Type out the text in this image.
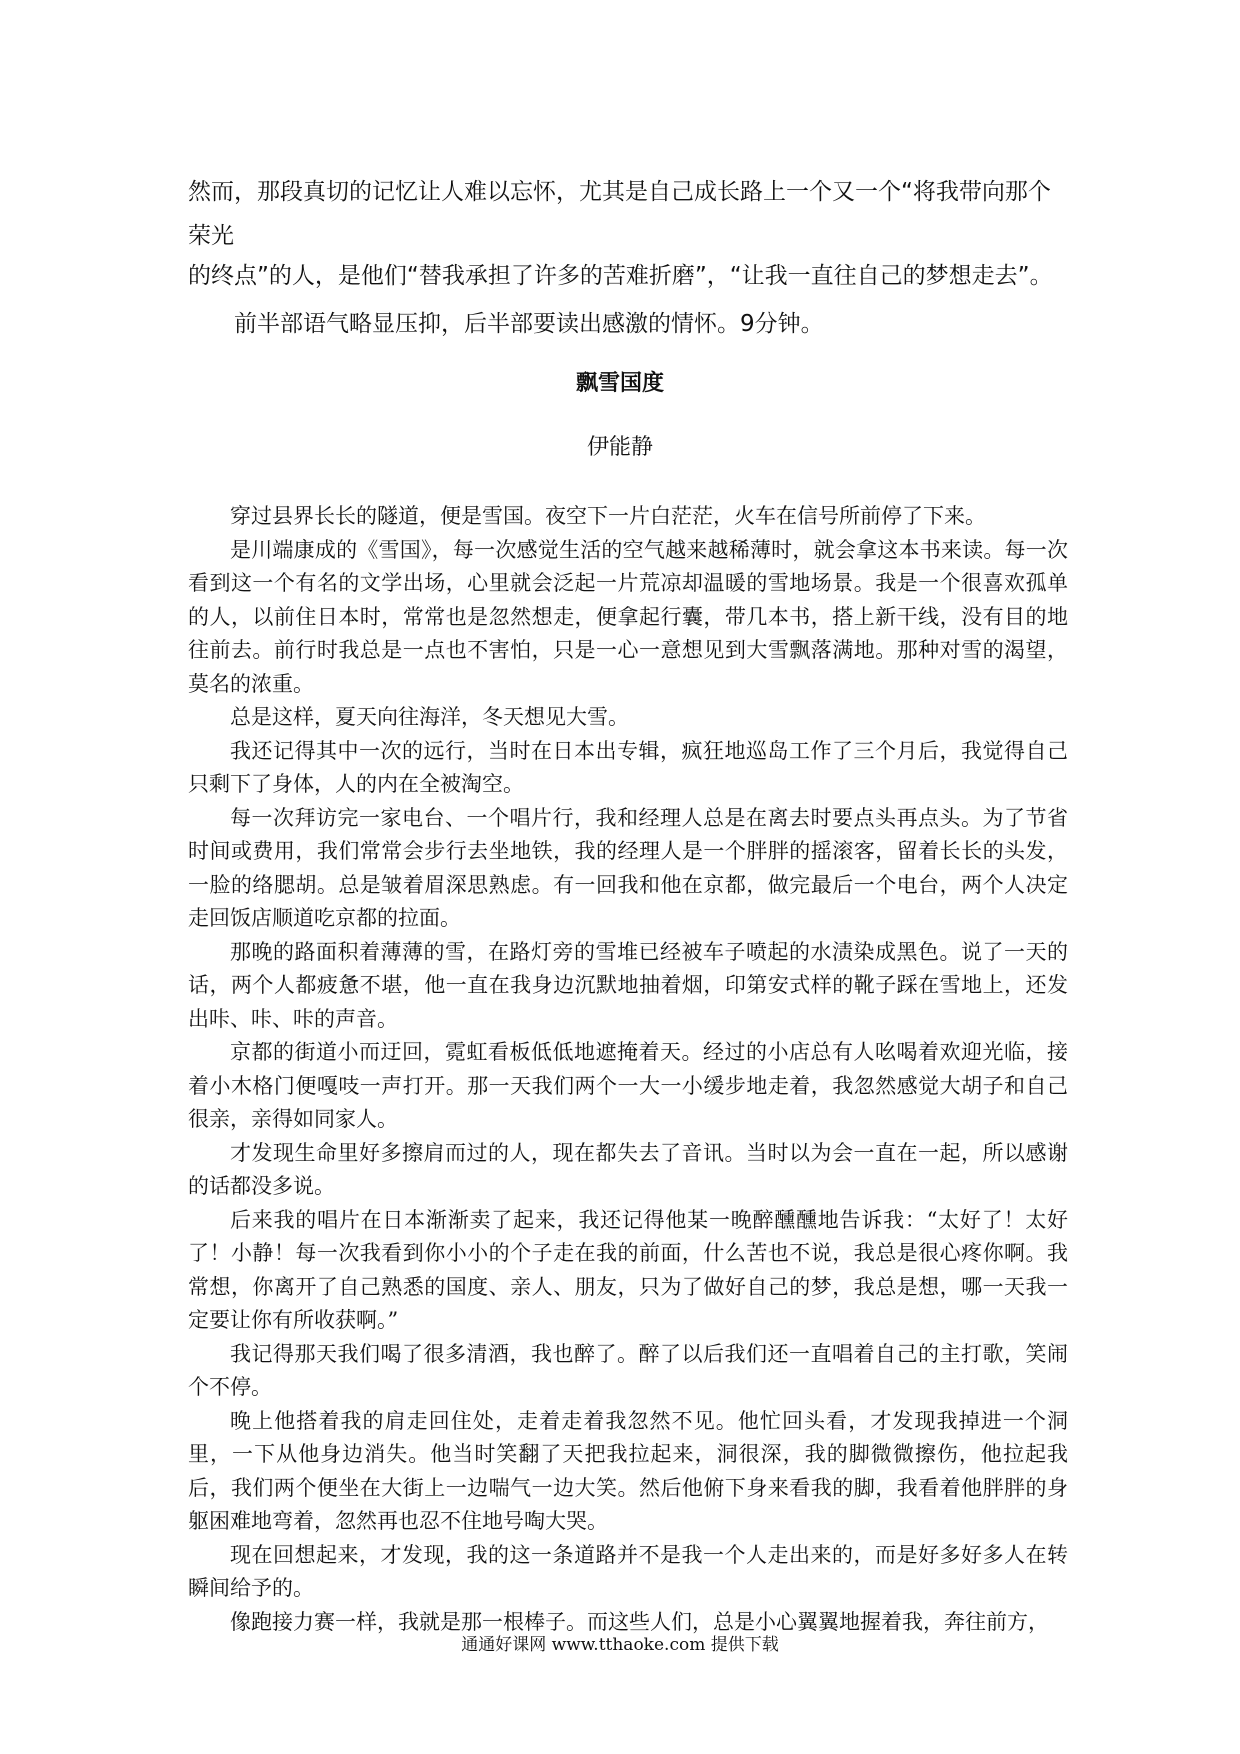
然而，那段真切的记忆让人难以忘怀，尤其是自己成长路上一个又一个“将我带向那个荣光

的终点”的人，是他们“替我承担了许多的苦难折磨”，“让我一直往自己的梦想走去”。

前半部语气略显压抑，后半部要读出感激的情怀。9分钟。

飘雪国度
伊能静

穿过县界长长的隧道，便是雪国。夜空下一片白茫茫，火车在信号所前停了下来。

是川端康成的《雪国》，每一次感觉生活的空气越来越稀薄时，就会拿这本书来读。每一次看到这一个有名的文学出场，心里就会泛起一片荒凉却温暖的雪地场景。我是一个很喜欢孤单的人，以前住日本时，常常也是忽然想走，便拿起行囊，带几本书，搭上新干线，没有目的地往前去。前行时我总是一点也不害怕，只是一心一意想见到大雪飘落满地。那种对雪的渴望，莫名的浓重。

总是这样，夏天向往海洋，冬天想见大雪。

我还记得其中一次的远行，当时在日本出专辑，疯狂地巡岛工作了三个月后，我觉得自己只剩下了身体，人的内在全被淘空。

每一次拜访完一家电台、一个唱片行，我和经理人总是在离去时要点头再点头。为了节省时间或费用，我们常常会步行去坐地铁，我的经理人是一个胖胖的摇滚客，留着长长的头发，一脸的络腮胡。总是皱着眉深思熟虑。有一回我和他在京都，做完最后一个电台，两个人决定走回饭店顺道吃京都的拉面。

那晚的路面积着薄薄的雪，在路灯旁的雪堆已经被车子喷起的水渍染成黑色。说了一天的话，两个人都疲惫不堪，他一直在我身边沉默地抽着烟，印第安式样的靴子踩在雪地上，还发出咔、咔、咔的声音。

京都的街道小而迂回，霓虹看板低低地遮掩着天。经过的小店总有人吆喝着欢迎光临，接着小木格门便嘎吱一声打开。那一天我们两个一大一小缓步地走着，我忽然感觉大胡子和自己很亲，亲得如同家人。

才发现生命里好多擦肩而过的人，现在都失去了音讯。当时以为会一直在一起，所以感谢的话都没多说。

后来我的唱片在日本渐渐卖了起来，我还记得他某一晚醉醺醺地告诉我：“太好了！太好了！小静！每一次我看到你小小的个子走在我的前面，什么苦也不说，我总是很心疼你啊。我常想，你离开了自己熟悉的国度、亲人、朋友，只为了做好自己的梦，我总是想，哪一天我一定要让你有所收获啊。”

我记得那天我们喝了很多清酒，我也醉了。醉了以后我们还一直唱着自己的主打歌，笑闹个不停。

晚上他搭着我的肩走回住处，走着走着我忽然不见。他忙回头看，才发现我掉进一个洞里，一下从他身边消失。他当时笑翻了天把我拉起来，洞很深，我的脚微微擦伤，他拉起我后，我们两个便坐在大街上一边喘气一边大笑。然后他俯下身来看我的脚，我看着他胖胖的身躯困难地弯着，忽然再也忍不住地号啕大哭。

现在回想起来，才发现，我的这一条道路并不是我一个人走出来的，而是好多好多人在转瞬间给予的。

像跑接力赛一样，我就是那一根棒子。而这些人们，总是小心翼翼地握着我，奔往前方，

通通好课网 www.tthaoke.com 提供下载
